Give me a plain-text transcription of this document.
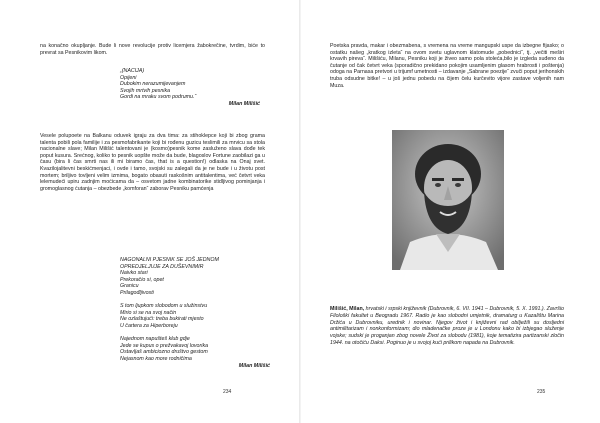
na konačno okupljanje. Bude li nove revolucije protiv licemjera žabokrečine, tvrdim, biće to prevrat sa Pesnikovim likom.

„(NACIJA)
Opijeni
Dubokim nerazumijevanjem
Svojih mrtvih pesnika
Gordi na mraku svom podrumu.“
Milan Milišić

Vesele polupoete na Balkanu oduvek igraju za dva tima: za stihoklepce koji bi zbog grama talenta pobili pola familije i za pesmofabrikante koji bi rođenu guzicu teslimili za mrvicu sa stola nacionalne slave; Milan Milišić talentovani je (kosmo)pesnik kome zasluženo slava dođe tek poput kusura. Srećnog, koliko to pesnik uopšte može da bude, blagoslov Fortune zaobilazi ga u času (bira li čas smrti nas ili mi biramo čas, that is a question!) odlaska na Onaj svet. Kvazilojalitevni beskićmenjaci, i ovde i tamo, svojski su zalegali da je ne bude i u životu post mortem; briljivo tovljeni velim izmima, bogato obasuti raskošnim antitalentima, već četvrt veka lelemudeći upiru zadnjim moćicama da – osvetom jadne kombinatorike stidljivog pominjanja i gromoglasnog ćutanja – obezbede „komforan“ zaborav Pesniku pamćenja

NAGONALNI PJESNIK SE JOŠ JEDNOM
OPREDJELJUJE ZA DUŠEVNIMIR
Naivko stari
Prekoračio si, opet
Granicu
Prilagođljivosti
S tom ljupkom slobodom u služinstvu
Mirio si se na svoj način
Ne ozlaštujući: treba bukirati mjesto
U čartera za Hiperboreju
Najednom napušteš klub gdje
Jede se kupus o prežvakavoj lovorika
Ostavljaš ambiciozno društvo gestom
Nejasnom kao more rodničima
Milan Milišić
234

Poetska pravda, makar i obezmabena, s vremena na vreme mangupski uspe da izbegne fijasko; o ostatku našeg „kratkog izleta“ na ovom svetu uglavnom klatomude „pobednici“, tj. „večiti meširi krvavih pireva“. Milišiću, Milanu, Pesniku koji je živeo samo pola stoleća,bilo je izgleda suđeno da čutanje od čak četvrt veka (sporadično prekidano pokojim usamljenim glasom hrabrosti i poštenja) odoga na Parnasa pretvori u trijumf umetnosti – izdavanje „Sabrane poezije“ zvuči poput jerihonskih truba odsudne bitke! – u još jednu pobedu na čijem čelu kurčevito vijore zastave voljenih nam Muza.

Milišić, Milan, hrvatski i srpski književnik (Dubrovnik, 6. VII. 1941 – Dubrovnik, 5. X. 1991.). Završio Filološki fakultet u Beogradu 1967. Radio je kao slobodni umjetnik, dramaturg u Kazalištu Marina Držića u Dubrovniku, urednik i novinar. Njegov život i književni rad obilježili su dosljedni antimilitarizam i nonkonformizam; dio mladenačke proze je u Londonu kako bi izbjegao služenje vojske; sudski je proganjan zbog novele Život za slobodu (1981), koje tematizira partizanski zločin 1944. na otočiću Daksi. Poginuo je u svojoj kući prilikom napada na Dubrovnik.

235
